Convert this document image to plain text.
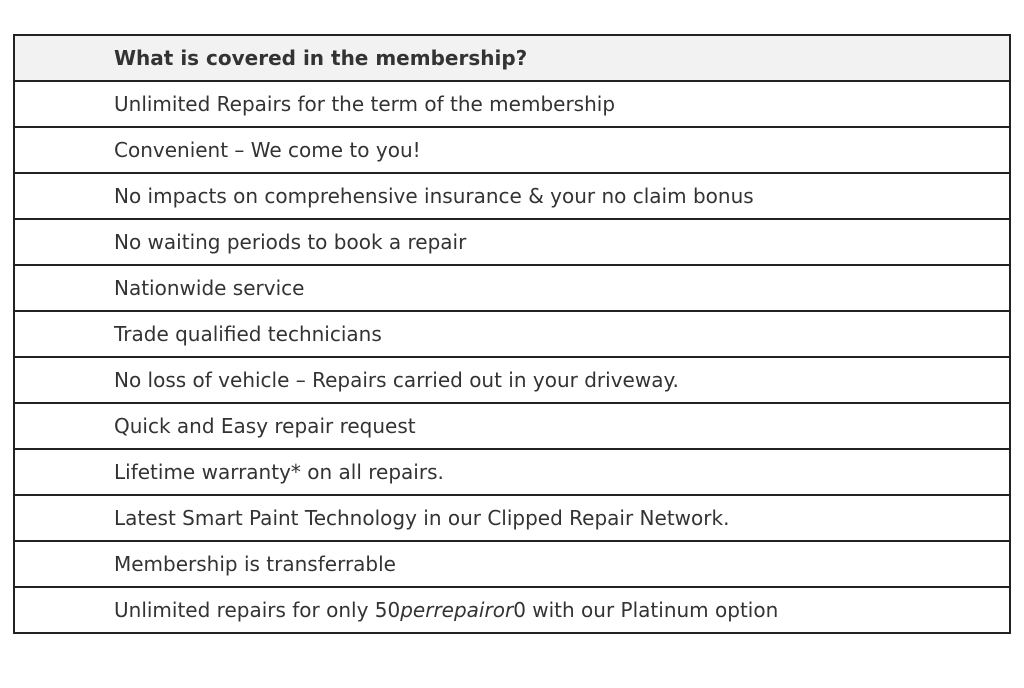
What is covered in the membership?
Unlimited Repairs for the term of the membership
Convenient – We come to you!
No impacts on comprehensive insurance & your no claim bonus
No waiting periods to book a repair
Nationwide service
Trade qualified technicians
No loss of vehicle – Repairs carried out in your driveway.
Quick and Easy repair request
Lifetime warranty* on all repairs.
Latest Smart Paint Technology in our Clipped Repair Network.
Membership is transferrable
Unlimited repairs for only 50perrepairor0 with our Platinum option
